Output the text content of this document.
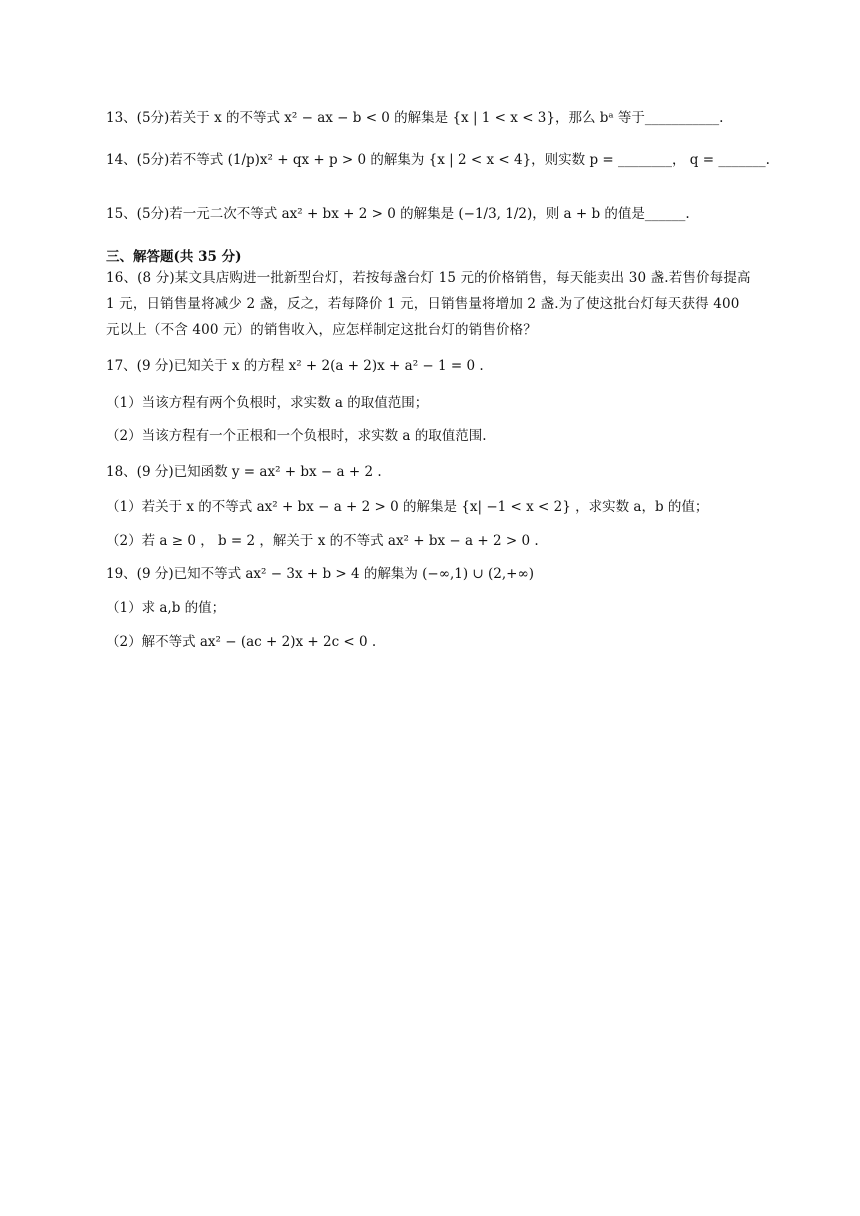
13、(5分)若关于 x 的不等式 x² − ax − b < 0 的解集是 {x | 1 < x < 3}，那么 bᵃ 等于___________.
14、(5分)若不等式 (1/p)x² + qx + p > 0 的解集为 {x | 2 < x < 4}，则实数 p = ________， q = _______.
15、(5分)若一元二次不等式 ax² + bx + 2 > 0 的解集是 (−1/3, 1/2)，则 a + b 的值是______.
三、解答题(共 35 分)
16、(8 分)某文具店购进一批新型台灯，若按每盏台灯 15 元的价格销售，每天能卖出 30 盏.若售价每提高 1 元，日销售量将减少 2 盏，反之，若每降价 1 元，日销售量将增加 2 盏.为了使这批台灯每天获得 400 元以上（不含 400 元）的销售收入，应怎样制定这批台灯的销售价格？
17、(9 分)已知关于 x 的方程 x² + 2(a + 2)x + a² − 1 = 0 .
（1）当该方程有两个负根时，求实数 a 的取值范围；
（2）当该方程有一个正根和一个负根时，求实数 a 的取值范围.
18、(9 分)已知函数 y = ax² + bx − a + 2 .
（1）若关于 x 的不等式 ax² + bx − a + 2 > 0 的解集是 {x| −1 < x < 2} ，求实数 a，b 的值；
（2）若 a ≥ 0 ， b = 2 ，解关于 x 的不等式 ax² + bx − a + 2 > 0 .
19、(9 分)已知不等式 ax² − 3x + b > 4 的解集为 (−∞,1) ∪ (2,+∞)
（1）求 a,b 的值；
（2）解不等式 ax² − (ac + 2)x + 2c < 0 .
